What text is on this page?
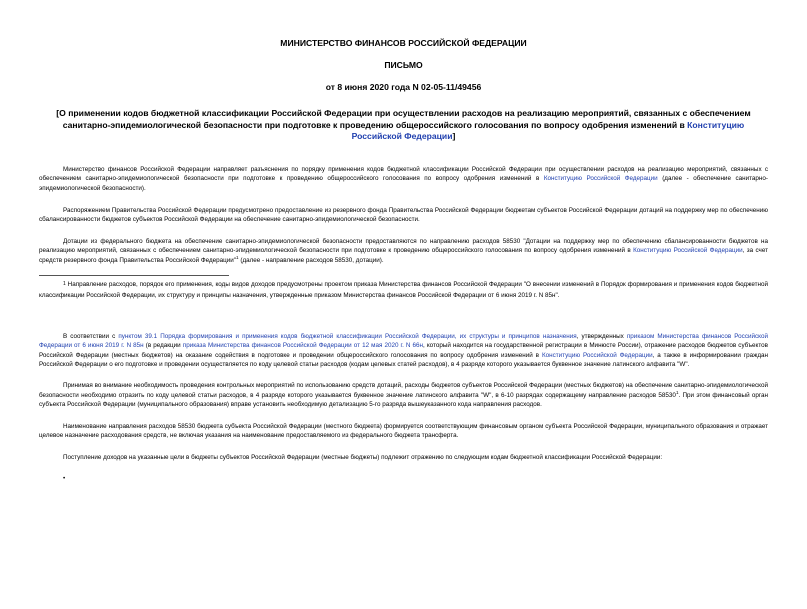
МИНИСТЕРСТВО ФИНАНСОВ РОССИЙСКОЙ ФЕДЕРАЦИИ
ПИСЬМО
от 8 июня 2020 года N 02-05-11/49456
[О применении кодов бюджетной классификации Российской Федерации при осуществлении расходов на реализацию мероприятий, связанных с обеспечением санитарно-эпидемиологической безопасности при подготовке к проведению общероссийского голосования по вопросу одобрения изменений в Конституцию Российской Федерации]

Министерство финансов Российской Федерации направляет разъяснения по порядку применения кодов бюджетной классификации Российской Федерации при осуществлении расходов на реализацию мероприятий, связанных с обеспечением санитарно-эпидемиологической безопасности при подготовке к проведению общероссийского голосования по вопросу одобрения изменений в Конституцию Российской Федерации (далее - обеспечение санитарно-эпидемиологической безопасности).

Распоряжением Правительства Российской Федерации предусмотрено предоставление из резервного фонда Правительства Российской Федерации бюджетам субъектов Российской Федерации дотаций на поддержку мер по обеспечению сбалансированности бюджетов субъектов Российской Федерации на обеспечение санитарно-эпидемиологической безопасности.

Дотации из федерального бюджета на обеспечение санитарно-эпидемиологической безопасности предоставляются по направлению расходов 58530 "Дотации на поддержку мер по обеспечению сбалансированности бюджетов на реализацию мероприятий, связанных с обеспечением санитарно-эпидемиологической безопасности при подготовке к проведению общероссийского голосования по вопросу одобрения изменений в Конституцию Российской Федерации, за счет средств резервного фонда Правительства Российской Федерации"$^1$ (далее - направление расходов 58530, дотации).

$^1$ Направление расходов, порядок его применения, коды видов доходов предусмотрены проектом приказа Министерства финансов Российской Федерации "О внесении изменений в Порядок формирования и применения кодов бюджетной классификации Российской Федерации, их структуру и принципы назначения, утвержденные приказом Министерства финансов Российской Федерации от 6 июня 2019 г. N 85н".

В соответствии с пунктом 39.1 Порядка формирования и применения кодов бюджетной классификации Российской Федерации, их структуры и принципов назначения, утвержденных приказом Министерства финансов Российской Федерации от 6 июня 2019 г. N 85н (в редакции приказа Министерства финансов Российской Федерации от 12 мая 2020 г. N 66н, который находится на государственной регистрации в Минюсте России), отражение расходов бюджетов субъектов Российской Федерации (местных бюджетов) на оказание содействия в подготовке и проведении общероссийского голосования по вопросу одобрения изменений в Конституцию Российской Федерации, а также в информировании граждан Российской Федерации о его подготовке и проведении осуществляется по коду целевой статьи расходов (кодам целевых статей расходов), в 4 разряде которого указывается буквенное значение латинского алфавита "W".

Принимая во внимание необходимость проведения контрольных мероприятий по использованию средств дотаций, расходы бюджетов субъектов Российской Федерации (местных бюджетов) на обеспечение санитарно-эпидемиологической безопасности необходимо отразить по коду целевой статьи расходов, в 4 разряде которого указывается буквенное значение латинского алфавита "W", в 6-10 разрядах содержащему направление расходов 58530$^1$. При этом финансовый орган субъекта Российской Федерации (муниципального образования) вправе установить необходимую детализацию 5-го разряда вышеуказанного кода направления расходов.

Наименование направления расходов 58530 бюджета субъекта Российской Федерации (местного бюджета) формируется соответствующим финансовым органом субъекта Российской Федерации, муниципального образования и отражает целевое назначение расходования средств, не включая указания на наименование предоставляемого из федерального бюджета трансферта.

Поступление доходов на указанные цели в бюджеты субъектов Российской Федерации (местные бюджеты) подлежит отражению по следующим кодам бюджетной классификации Российской Федерации:

•
